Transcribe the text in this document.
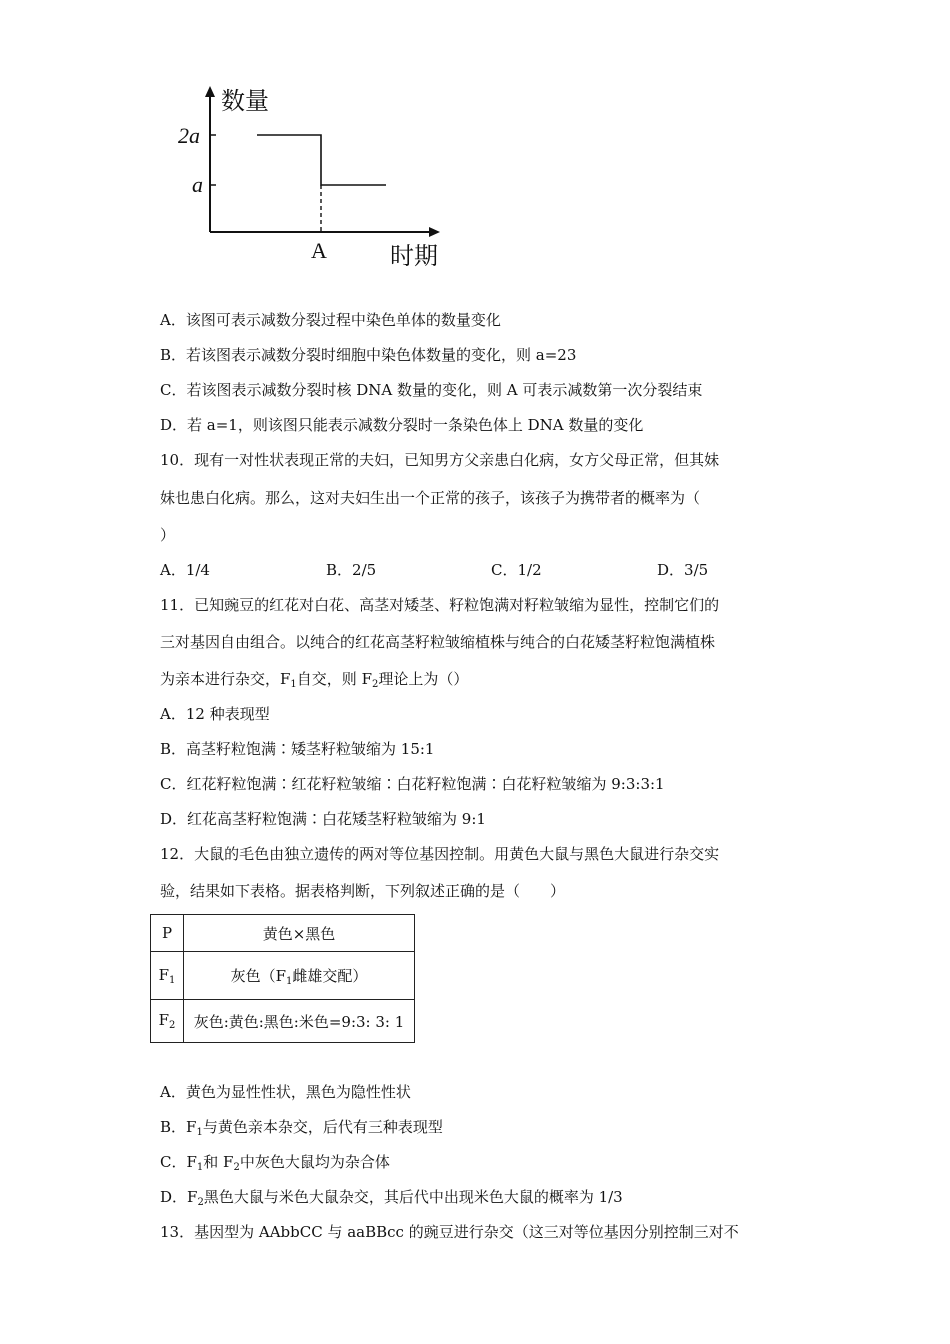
数量
2a
a
A	时期
A．该图可表示减数分裂过程中染色单体的数量变化
B．若该图表示减数分裂时细胞中染色体数量的变化，则 a=23
C．若该图表示减数分裂时核 DNA 数量的变化，则 A 可表示减数第一次分裂结束
D．若 a=1，则该图只能表示减数分裂时一条染色体上 DNA 数量的变化
10．现有一对性状表现正常的夫妇，已知男方父亲患白化病，女方父母正常，但其妹
妹也患白化病。那么，这对夫妇生出一个正常的孩子，该孩子为携带者的概率为（
）
A．1/4	B．2/5	C．1/2	D．3/5
11．已知豌豆的红花对白花、高茎对矮茎、籽粒饱满对籽粒皱缩为显性，控制它们的
三对基因自由组合。以纯合的红花高茎籽粒皱缩植株与纯合的白花矮茎籽粒饱满植株
为亲本进行杂交，$F_1$自交，则 $F_2$理论上为（）
A．12 种表现型
B．高茎籽粒饱满∶矮茎籽粒皱缩为 15:1
C．红花籽粒饱满∶红花籽粒皱缩∶白花籽粒饱满∶白花籽粒皱缩为 9:3:3:1
D．红花高茎籽粒饱满∶白花矮茎籽粒皱缩为 9:1
12．大鼠的毛色由独立遗传的两对等位基因控制。用黄色大鼠与黑色大鼠进行杂交实
验，结果如下表格。据表格判断，下列叙述正确的是（　　）
P	黄色×黑色
$F_1$	灰色（$F_1$雌雄交配）
$F_2$	灰色:黄色:黑色:米色=9:3: 3: 1
A．黄色为显性性状，黑色为隐性性状
B．$F_1$与黄色亲本杂交，后代有三种表现型
C．$F_1$和 $F_2$中灰色大鼠均为杂合体
D．$F_2$黑色大鼠与米色大鼠杂交，其后代中出现米色大鼠的概率为 1/3
13．基因型为 AAbbCC 与 aaBBcc 的豌豆进行杂交（这三对等位基因分别控制三对不
